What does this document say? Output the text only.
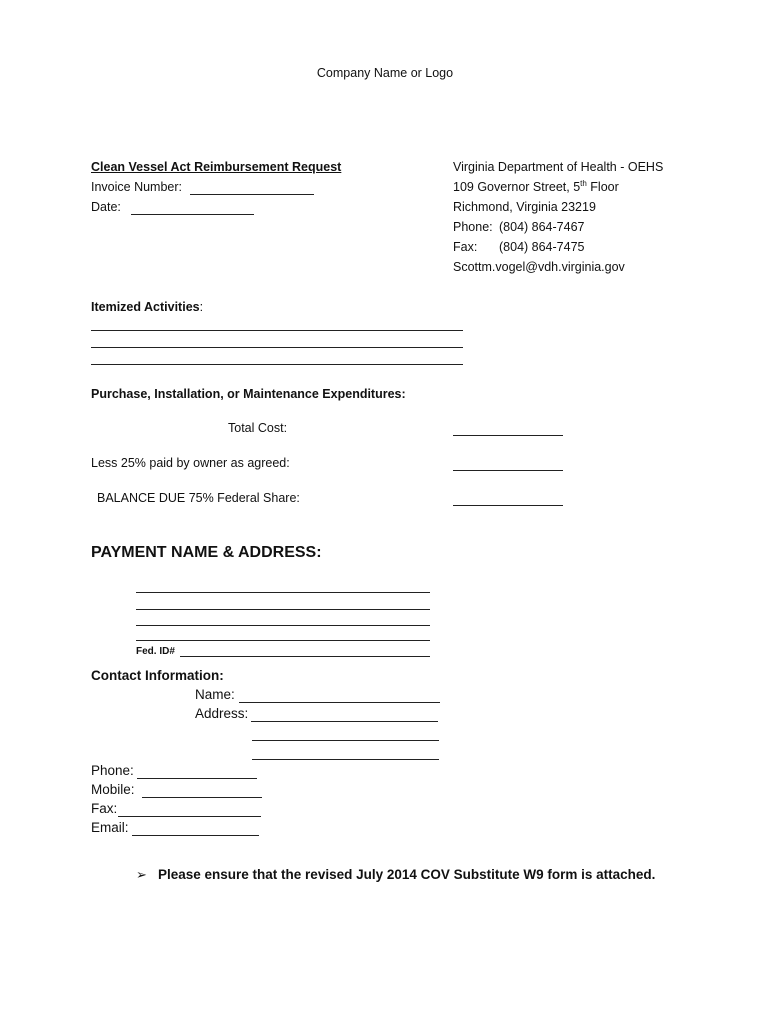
Company Name or Logo
Clean Vessel Act Reimbursement Request
Invoice Number:
Date:
Virginia Department of Health - OEHS
109 Governor Street, 5th Floor
Richmond, Virginia 23219
Phone: (804) 864-7467
Fax: (804) 864-7475
Scottm.vogel@vdh.virginia.gov
Itemized Activities:
Purchase, Installation, or Maintenance Expenditures:
Total Cost:
Less 25% paid by owner as agreed:
BALANCE DUE 75% Federal Share:
PAYMENT NAME & ADDRESS:
Fed. ID#
Contact Information:
Name:
Address:
Phone:
Mobile:
Fax:
Email:
➢ Please ensure that the revised July 2014 COV Substitute W9 form is attached.
